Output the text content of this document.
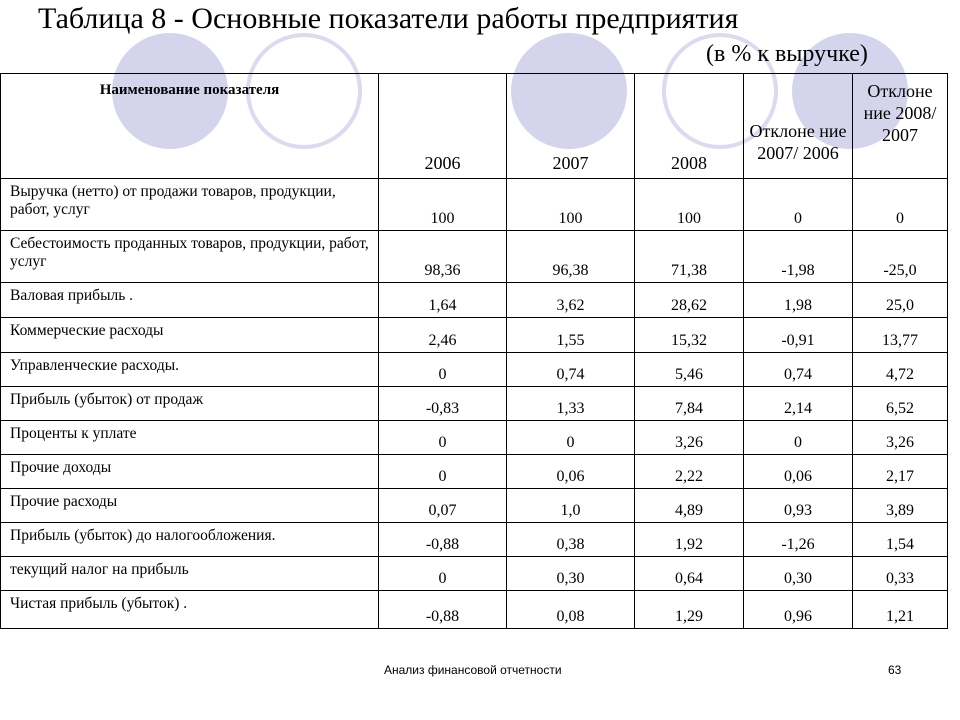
Таблица 8 - Основные показатели работы предприятия
(в % к выручке)
Наименование показателя	2006	2007	2008	Отклоне ние 2007/ 2006	Отклоне ние 2008/ 2007
Выручка (нетто) от продажи товаров, продукции, работ, услуг	100	100	100	0	0
Себестоимость проданных товаров, продукции, работ, услуг	98,36	96,38	71,38	-1,98	-25,0
Валовая прибыль .	1,64	3,62	28,62	1,98	25,0
Коммерческие расходы	2,46	1,55	15,32	-0,91	13,77
Управленческие расходы.	0	0,74	5,46	0,74	4,72
Прибыль (убыток) от продаж	-0,83	1,33	7,84	2,14	6,52
Проценты к уплате	0	0	3,26	0	3,26
Прочие доходы	0	0,06	2,22	0,06	2,17
Прочие расходы	0,07	1,0	4,89	0,93	3,89
Прибыль (убыток) до налогообложения.	-0,88	0,38	1,92	-1,26	1,54
текущий налог на прибыль	0	0,30	0,64	0,30	0,33
Чистая прибыль (убыток) .	-0,88	0,08	1,29	0,96	1,21
Анализ финансовой отчетности	63
